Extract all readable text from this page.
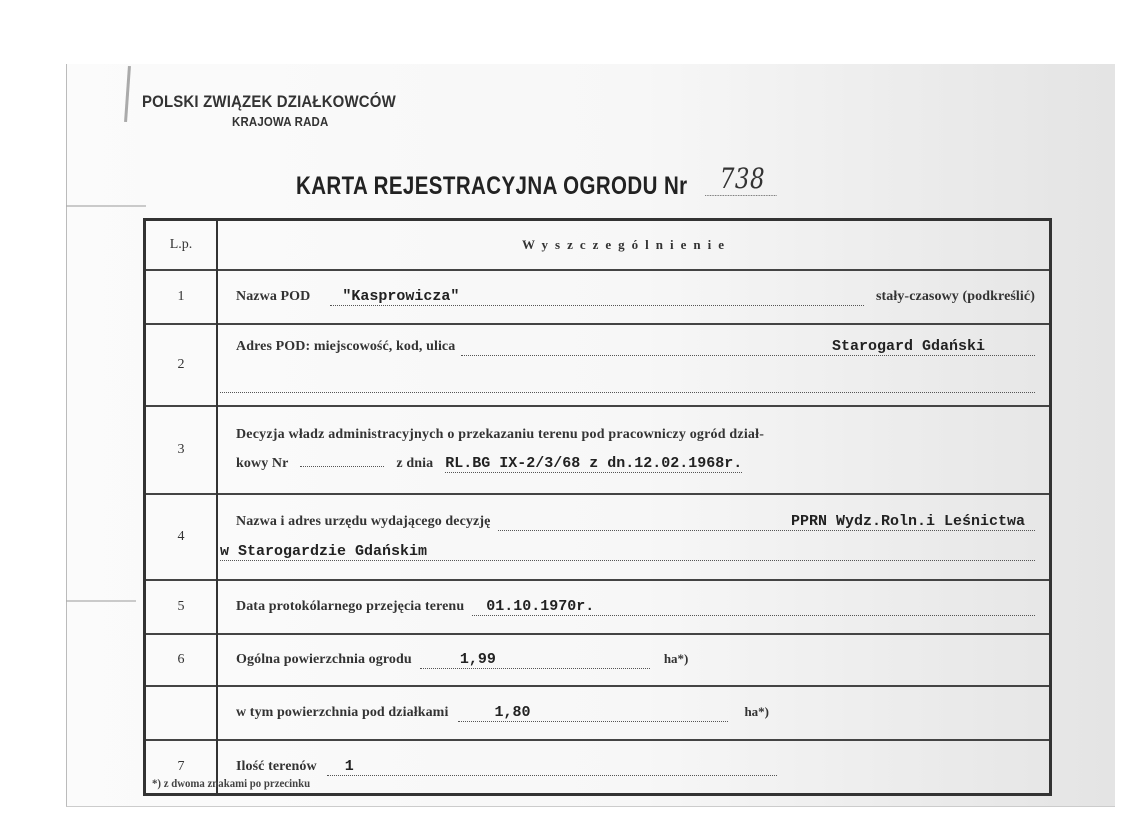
POLSKI ZWIĄZEK DZIAŁKOWCÓW
KRAJOWA RADA
KARTA REJESTRACYJNA OGRODU Nr 738
L.p.	Wyszczególnienie
1	Nazwa POD "Kasprowicza" stały-czasowy (podkreślić)

2	Adres POD: miejscowość, kod, ulica Starogard Gdański

3	Decyzja władz administracyjnych o przekazaniu terenu pod pracowniczy ogród dział-
kowy Nr z dnia RL.BG IX-2/3/68 z dn.12.02.1968r.

4	Nazwa i adres urzędu wydającego decyzję PPRN Wydz.Roln.i Leśnictwa
w Starogardzie Gdańskim

5	Data protokólarnego przejęcia terenu 01.10.1970r.

6	Ogólna powierzchnia ogrodu 1,99 ha*)

	w tym powierzchnia pod działkami 1,80 ha*)

7	Ilość terenów 1
*) z dwoma znakami po przecinku
